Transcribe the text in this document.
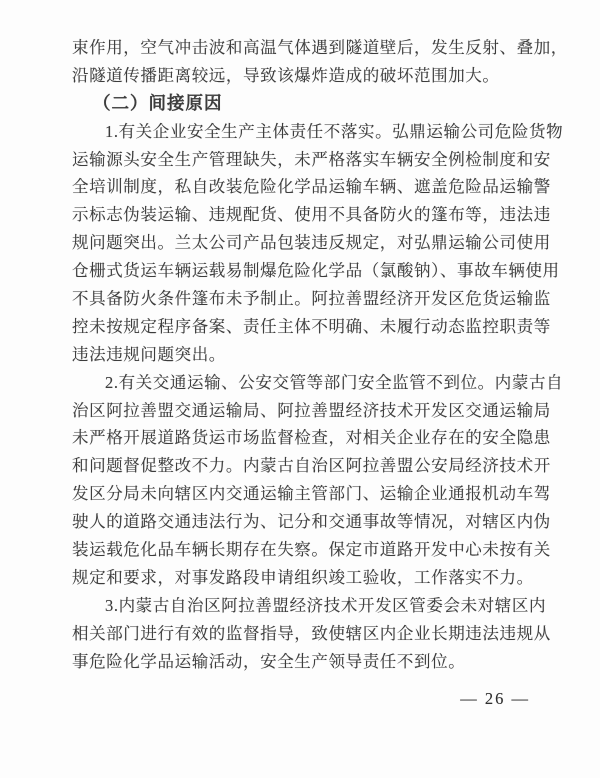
束作用，空气冲击波和高温气体遇到隧道壁后，发生反射、叠加，
沿隧道传播距离较远，导致该爆炸造成的破坏范围加大。
（二）间接原因
1.有关企业安全生产主体责任不落实。弘鼎运输公司危险货物
运输源头安全生产管理缺失，未严格落实车辆安全例检制度和安
全培训制度，私自改装危险化学品运输车辆、遮盖危险品运输警
示标志伪装运输、违规配货、使用不具备防火的篷布等，违法违
规问题突出。兰太公司产品包装违反规定，对弘鼎运输公司使用
仓栅式货运车辆运载易制爆危险化学品（氯酸钠）、事故车辆使用
不具备防火条件篷布未予制止。阿拉善盟经济开发区危货运输监
控未按规定程序备案、责任主体不明确、未履行动态监控职责等
违法违规问题突出。
2.有关交通运输、公安交管等部门安全监管不到位。内蒙古自
治区阿拉善盟交通运输局、阿拉善盟经济技术开发区交通运输局
未严格开展道路货运市场监督检查，对相关企业存在的安全隐患
和问题督促整改不力。内蒙古自治区阿拉善盟公安局经济技术开
发区分局未向辖区内交通运输主管部门、运输企业通报机动车驾
驶人的道路交通违法行为、记分和交通事故等情况，对辖区内伪
装运载危化品车辆长期存在失察。保定市道路开发中心未按有关
规定和要求，对事发路段申请组织竣工验收，工作落实不力。
3.内蒙古自治区阿拉善盟经济技术开发区管委会未对辖区内
相关部门进行有效的监督指导，致使辖区内企业长期违法违规从
事危险化学品运输活动，安全生产领导责任不到位。
— 26 —
